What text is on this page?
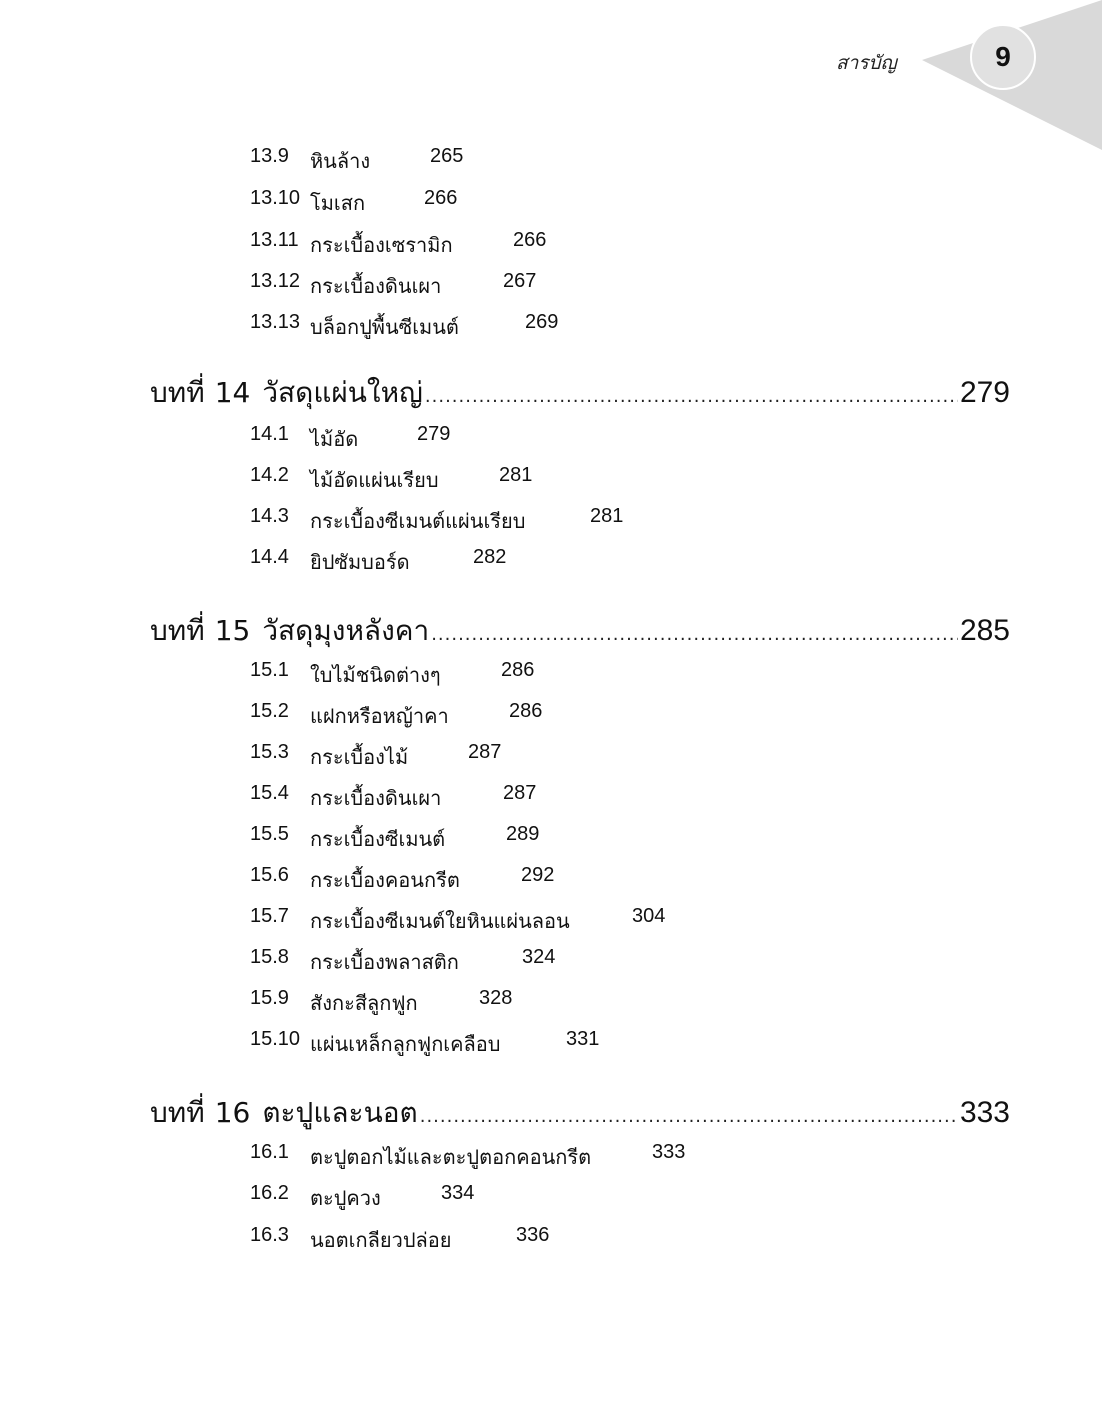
9
สารบัญ
13.9 หินล้าง	265
13.10 โมเสก	266
13.11 กระเบื้องเซรามิก	266
13.12 กระเบื้องดินเผา	267
13.13 บล็อกปูพื้นซีเมนต์	269
บทที่ 14 วัสดุแผ่นใหญ่ .....	279
14.1 ไม้อัด	279
14.2 ไม้อัดแผ่นเรียบ	281
14.3 กระเบื้องซีเมนต์แผ่นเรียบ	281
14.4 ยิปซัมบอร์ด	282
บทที่ 15 วัสดุมุงหลังคา .....	285
15.1 ใบไม้ชนิดต่างๆ	286
15.2 แฝกหรือหญ้าคา	286
15.3 กระเบื้องไม้	287
15.4 กระเบื้องดินเผา	287
15.5 กระเบื้องซีเมนต์	289
15.6 กระเบื้องคอนกรีต	292
15.7 กระเบื้องซีเมนต์ใยหินแผ่นลอน	304
15.8 กระเบื้องพลาสติก	324
15.9 สังกะสีลูกฟูก	328
15.10 แผ่นเหล็กลูกฟูกเคลือบ	331
บทที่ 16 ตะปูและนอต .....	333
16.1 ตะปูตอกไม้และตะปูตอกคอนกรีต	333
16.2 ตะปูควง	334
16.3 นอตเกลียวปล่อย	336
